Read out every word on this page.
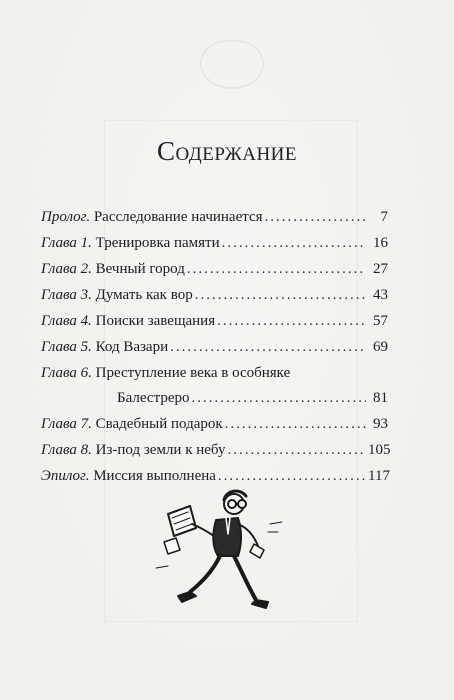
Содержание
Пролог. Расследование начинается .....	7
Глава 1. Тренировка памяти .....	16
Глава 2. Вечный город .....	27
Глава 3. Думать как вор .....	43
Глава 4. Поиски завещания .....	57
Глава 5. Код Вазари .....	69
Глава 6. Преступление века в особняке
Балестреро .....	81
Глава 7. Свадебный подарок .....	93
Глава 8. Из-под земли к небу .....	105
Эпилог. Миссия выполнена .....	117
